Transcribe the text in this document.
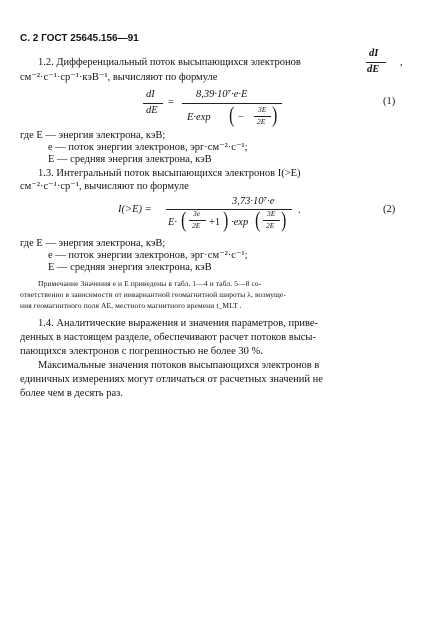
С. 2 ГОСТ 25645.156—91
1.2. Дифференциальный поток высыпающихся электронов
dI
dE
,
см⁻²·с⁻¹·ср⁻¹·кэВ⁻¹, вычисляют по формуле
dI
dE
=
8,39·10⁷·e·E
E·exp ( −
3E
2E )
(1)
где E — энергия электрона, кэВ;
e — поток энергии электронов, эрг·см⁻²·с⁻¹;
E — средняя энергия электрона, кэВ
1.3. Интегральный поток высыпающихся электронов I(>E)
см⁻²·с⁻¹·ср⁻¹, вычисляют по формуле
I(>E) =
3,73·10⁷·e
E· ( 3e
2E +1 ) ·exp ( 3E
2E ) .	(2)
где E — энергия электрона, кэВ;
e — поток энергии электронов, эрг·см⁻²·с⁻¹;
E — средняя энергия электрона, кэВ
Примечание Значения e и E приведены в табл. 1—4 и табл. 5—8 со-
ответственно в зависимости от инвариантной геомагнитной широты λ, возмуще-
ния геомагнитного поля AE, местного магнитного времени t_MLT .
1.4. Аналитические выражения и значения параметров, приве-
денных в настоящем разделе, обеспечивают расчет потоков высы-
пающихся электронов с погрешностью не более 30 %.
Максимальные значения потоков высыпающихся электронов в
единичных измерениях могут отличаться от расчетных значений не
более чем в десять раз.
